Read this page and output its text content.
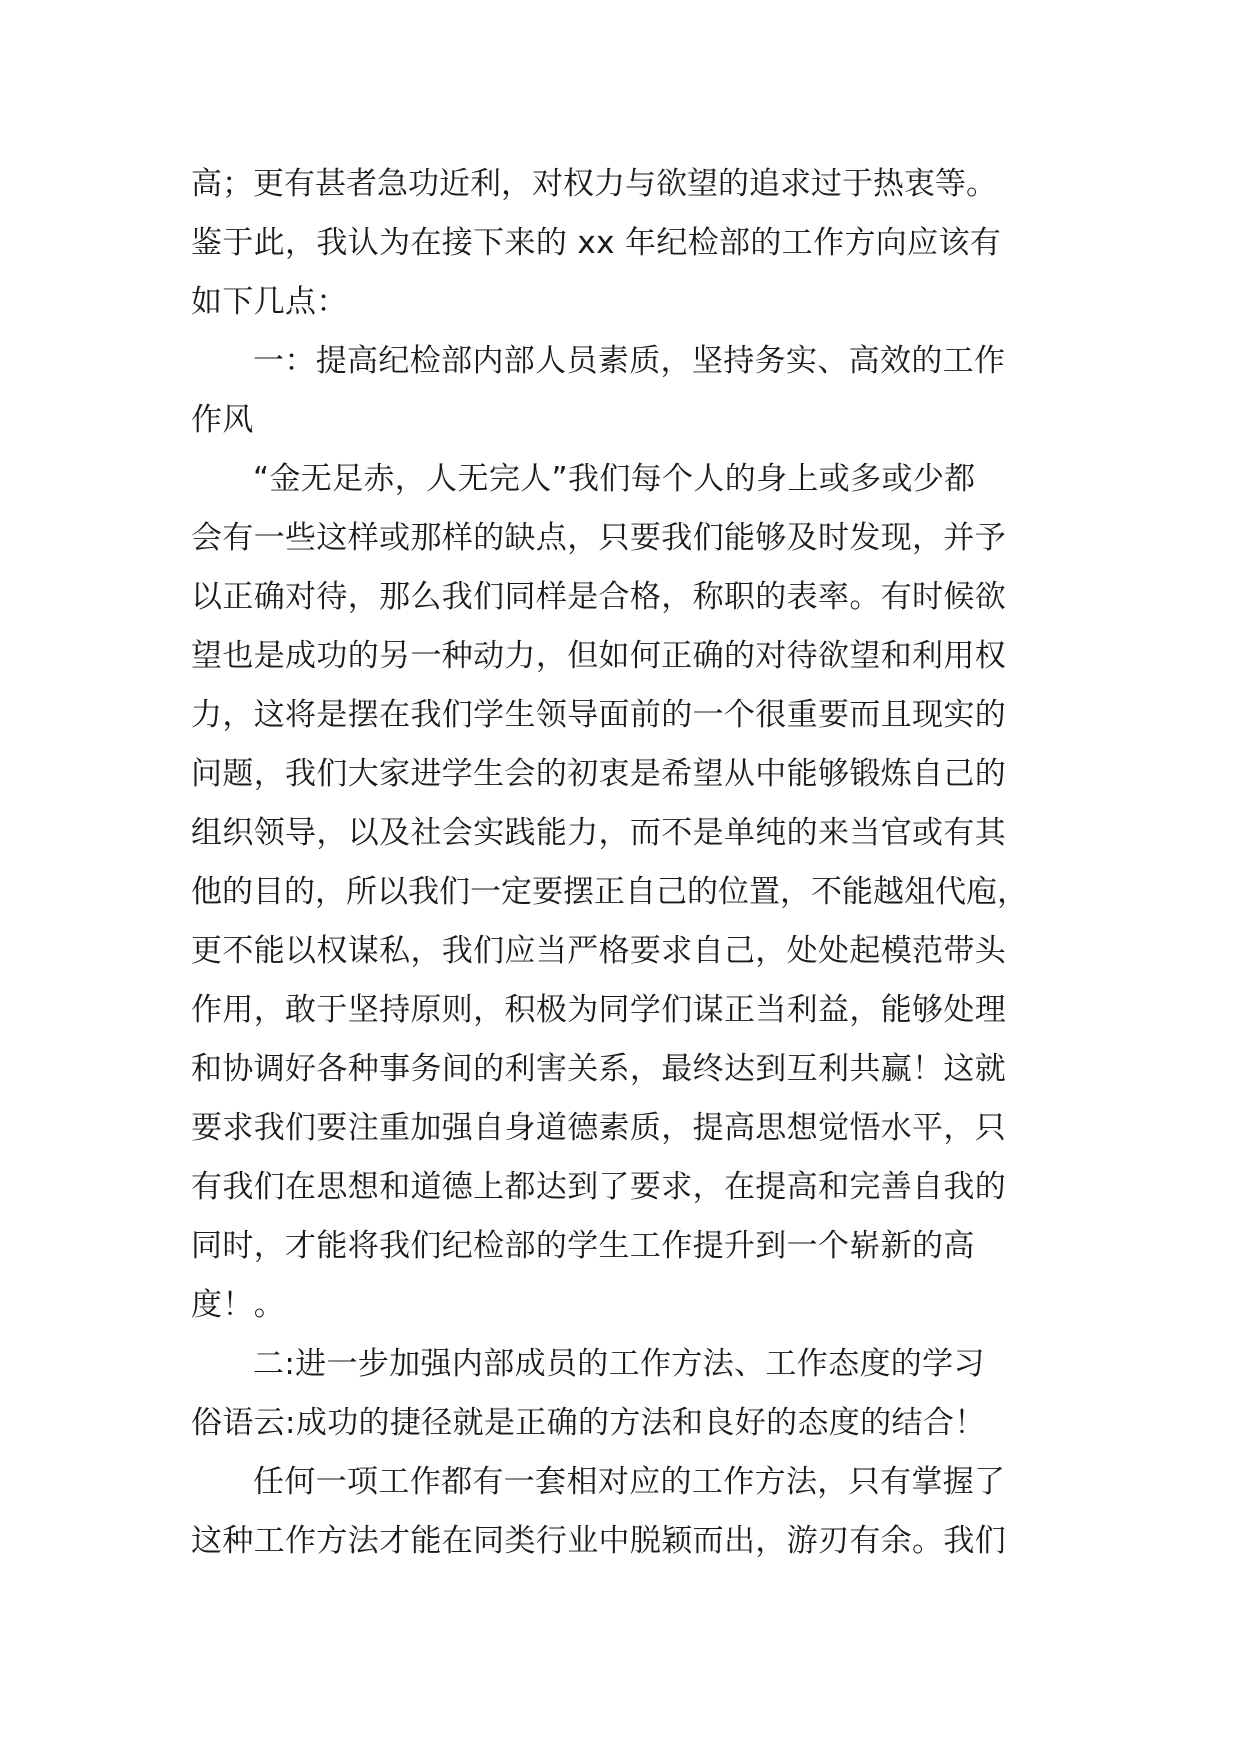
高；更有甚者急功近利，对权力与欲望的追求过于热衷等。
鉴于此，我认为在接下来的 xx 年纪检部的工作方向应该有
如下几点：
一：提高纪检部内部人员素质，坚持务实、高效的工作
作风
“金无足赤，人无完人”我们每个人的身上或多或少都
会有一些这样或那样的缺点，只要我们能够及时发现，并予
以正确对待，那么我们同样是合格，称职的表率。有时候欲
望也是成功的另一种动力，但如何正确的对待欲望和利用权
力，这将是摆在我们学生领导面前的一个很重要而且现实的
问题，我们大家进学生会的初衷是希望从中能够锻炼自己的
组织领导，以及社会实践能力，而不是单纯的来当官或有其
他的目的，所以我们一定要摆正自己的位置，不能越俎代庖，
更不能以权谋私，我们应当严格要求自己，处处起模范带头
作用，敢于坚持原则，积极为同学们谋正当利益，能够处理
和协调好各种事务间的利害关系，最终达到互利共赢！这就
要求我们要注重加强自身道德素质，提高思想觉悟水平，只
有我们在思想和道德上都达到了要求，在提高和完善自我的
同时，才能将我们纪检部的学生工作提升到一个崭新的高
度！。
二:进一步加强内部成员的工作方法、工作态度的学习
俗语云:成功的捷径就是正确的方法和良好的态度的结合！
任何一项工作都有一套相对应的工作方法，只有掌握了
这种工作方法才能在同类行业中脱颖而出，游刃有余。我们
